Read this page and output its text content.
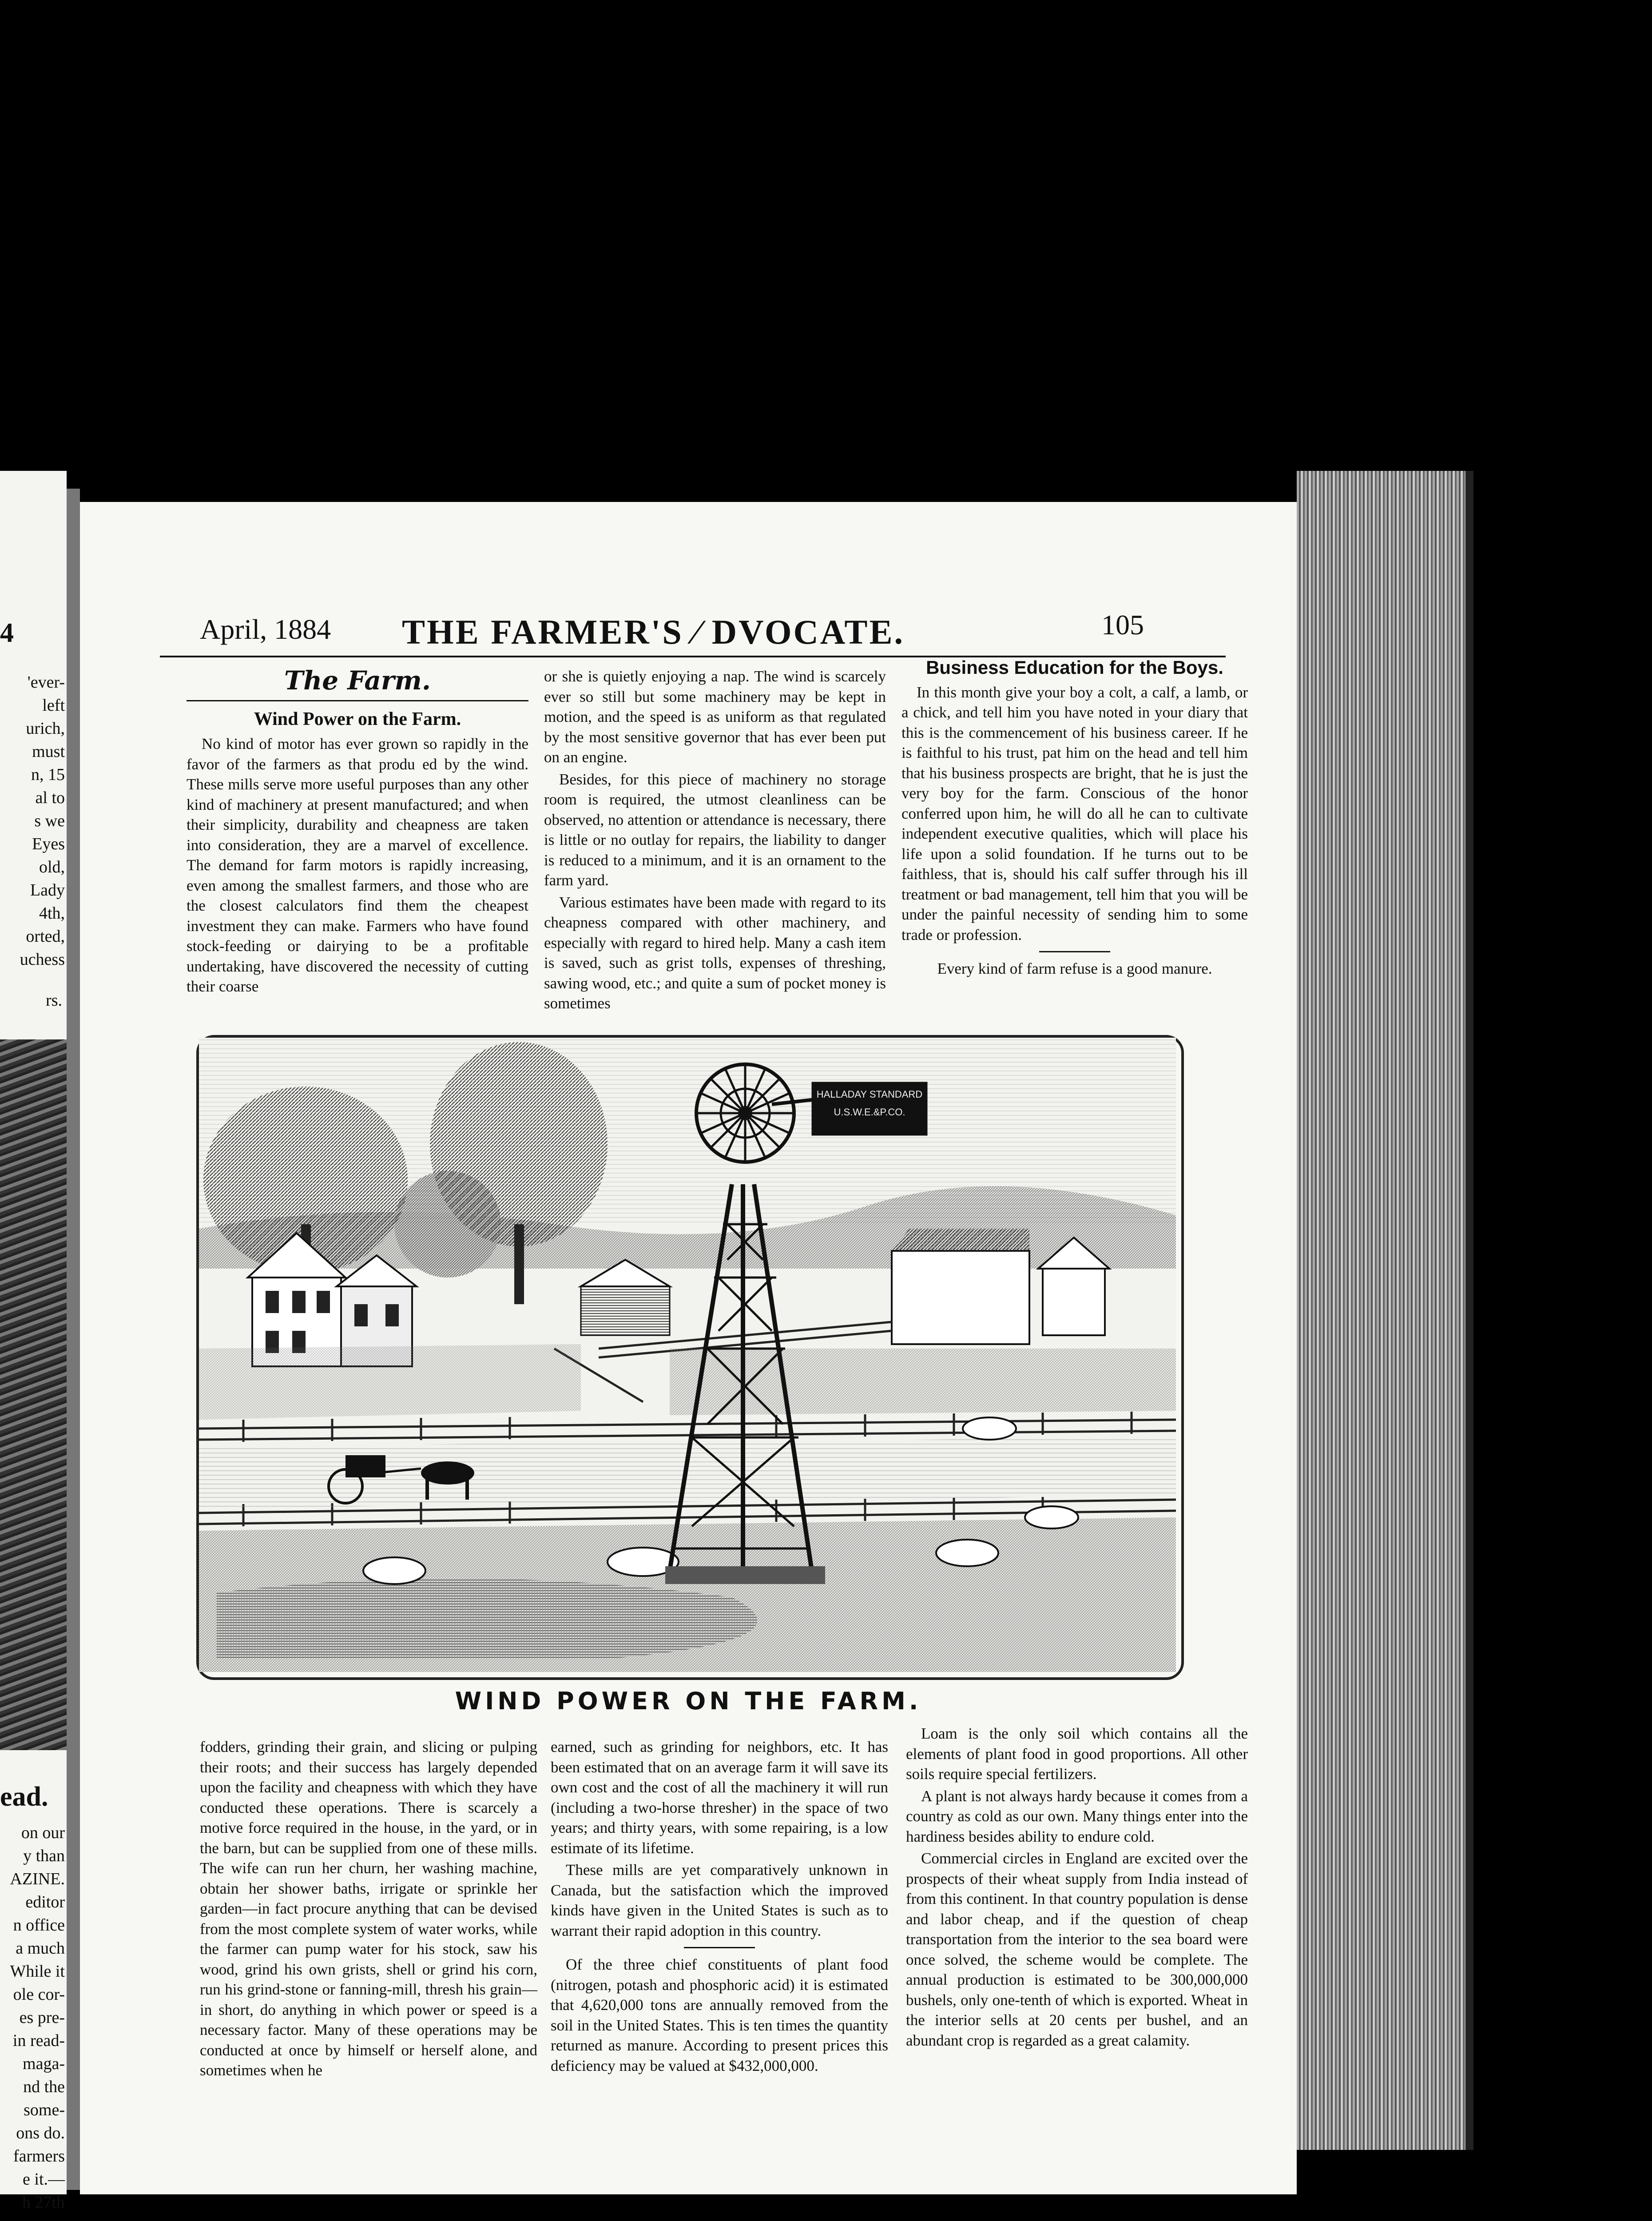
4
'ever-
left
urich,
must
n, 15
al to
s we
Eyes
old,
Lady
4th,
orted,
uchess
rs.
ead.
on our
y than
AZINE.
editor
n office
a much
While it
ole cor-
es pre-
in read-
maga-
nd the
some-
ons do.
farmers
e it.—
h 27th
April, 1884 THE FARMER'S ⁄ DVOCATE.	105
The Farm.
Wind Power on the Farm.

No kind of motor has ever grown so rapidly in the favor of the farmers as that produ ed by the wind. These mills serve more useful purposes than any other kind of machinery at present manufactured; and when their simplicity, durability and cheapness are taken into consideration, they are a marvel of excellence. The demand for farm motors is rapidly increasing, even among the smallest farmers, and those who are the closest calculators find them the cheapest investment they can make. Farmers who have found stock-feeding or dairying to be a profitable undertaking, have discovered the necessity of cutting their coarse

or she is quietly enjoying a nap. The wind is scarcely ever so still but some machinery may be kept in motion, and the speed is as uniform as that regulated by the most sensitive governor that has ever been put on an engine.

Besides, for this piece of machinery no storage room is required, the utmost cleanliness can be observed, no attention or attendance is necessary, there is little or no outlay for repairs, the liability to danger is reduced to a minimum, and it is an ornament to the farm yard.

Various estimates have been made with regard to its cheapness compared with other machinery, and especially with regard to hired help. Many a cash item is saved, such as grist tolls, expenses of threshing, sawing wood, etc.; and quite a sum of pocket money is sometimes

Business Education for the Boys.

In this month give your boy a colt, a calf, a lamb, or a chick, and tell him you have noted in your diary that this is the commencement of his business career. If he is faithful to his trust, pat him on the head and tell him that his business prospects are bright, that he is just the very boy for the farm. Conscious of the honor conferred upon him, he will do all he can to cultivate independent executive qualities, which will place his life upon a solid foundation. If he turns out to be faithless, that is, should his calf suffer through his ill treatment or bad management, tell him that you will be under the painful necessity of sending him to some trade or profession.

Every kind of farm refuse is a good manure.

HALLADAY STANDARD
U.S.W.E.&P.CO.
WIND POWER ON THE FARM.

fodders, grinding their grain, and slicing or pulping their roots; and their success has largely depended upon the facility and cheapness with which they have conducted these operations. There is scarcely a motive force required in the house, in the yard, or in the barn, but can be supplied from one of these mills. The wife can run her churn, her washing machine, obtain her shower baths, irrigate or sprinkle her garden—in fact procure anything that can be devised from the most complete system of water works, while the farmer can pump water for his stock, saw his wood, grind his own grists, shell or grind his corn, run his grind-stone or fanning-mill, thresh his grain—in short, do anything in which power or speed is a necessary factor. Many of these operations may be conducted at once by himself or herself alone, and sometimes when he

earned, such as grinding for neighbors, etc. It has been estimated that on an average farm it will save its own cost and the cost of all the machinery it will run (including a two-horse thresher) in the space of two years; and thirty years, with some repairing, is a low estimate of its lifetime.

These mills are yet comparatively unknown in Canada, but the satisfaction which the improved kinds have given in the United States is such as to warrant their rapid adoption in this country.

Of the three chief constituents of plant food (nitrogen, potash and phosphoric acid) it is estimated that 4,620,000 tons are annually removed from the soil in the United States. This is ten times the quantity returned as manure. According to present prices this deficiency may be valued at $432,000,000.

Loam is the only soil which contains all the elements of plant food in good proportions. All other soils require special fertilizers.

A plant is not always hardy because it comes from a country as cold as our own. Many things enter into the hardiness besides ability to endure cold.

Commercial circles in England are excited over the prospects of their wheat supply from India instead of from this continent. In that country population is dense and labor cheap, and if the question of cheap transportation from the interior to the sea board were once solved, the scheme would be complete. The annual production is estimated to be 300,000,000 bushels, only one-tenth of which is exported. Wheat in the interior sells at 20 cents per bushel, and an abundant crop is regarded as a great calamity.
